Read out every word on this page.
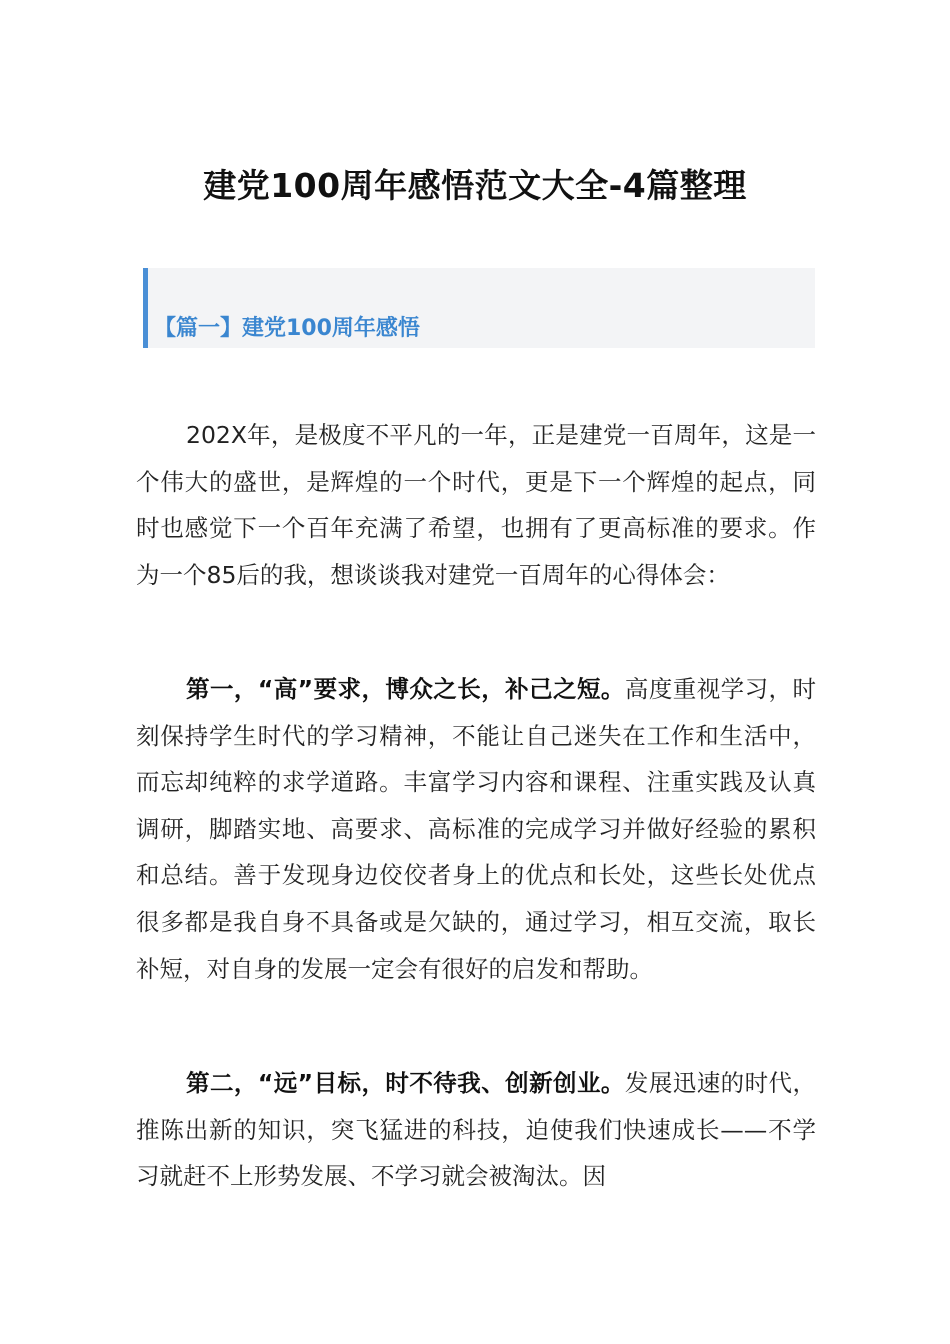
建党100周年感悟范文大全-4篇整理
【篇一】建党100周年感悟

202X年，是极度不平凡的一年，正是建党一百周年，这是一个伟大的盛世，是辉煌的一个时代，更是下一个辉煌的起点，同时也感觉下一个百年充满了希望，也拥有了更高标准的要求。作为一个85后的我，想谈谈我对建党一百周年的心得体会：

第一，“高”要求，博众之长，补己之短。高度重视学习，时刻保持学生时代的学习精神，不能让自己迷失在工作和生活中，而忘却纯粹的求学道路。丰富学习内容和课程、注重实践及认真调研，脚踏实地、高要求、高标准的完成学习并做好经验的累积和总结。善于发现身边佼佼者身上的优点和长处，这些长处优点很多都是我自身不具备或是欠缺的，通过学习，相互交流，取长补短，对自身的发展一定会有很好的启发和帮助。

第二，“远”目标，时不待我、创新创业。发展迅速的时代，推陈出新的知识，突飞猛进的科技，迫使我们快速成长——不学习就赶不上形势发展、不学习就会被淘汰。因
